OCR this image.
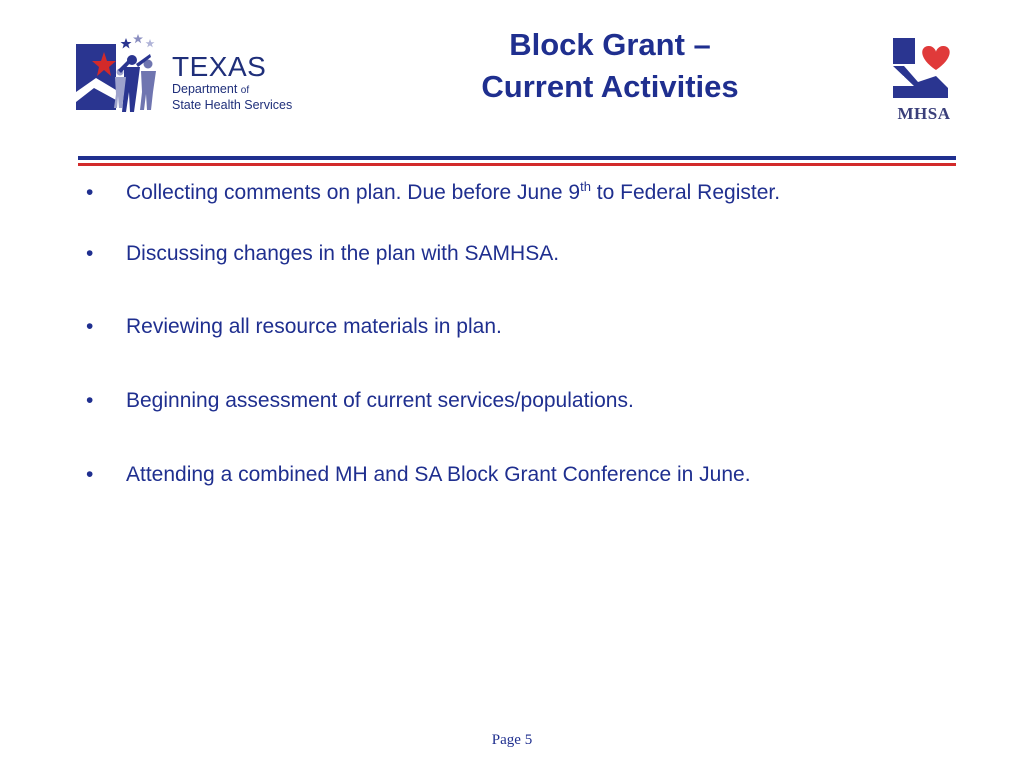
TEXAS
Department of
State Health Services
Block Grant –
Current Activities
MHSA
• Collecting comments on plan. Due before June 9th to Federal Register.
• Discussing changes in the plan with SAMHSA.
• Reviewing all resource materials in plan.
• Beginning assessment of current services/populations.
• Attending a combined MH and SA Block Grant Conference in June.
Page 5
